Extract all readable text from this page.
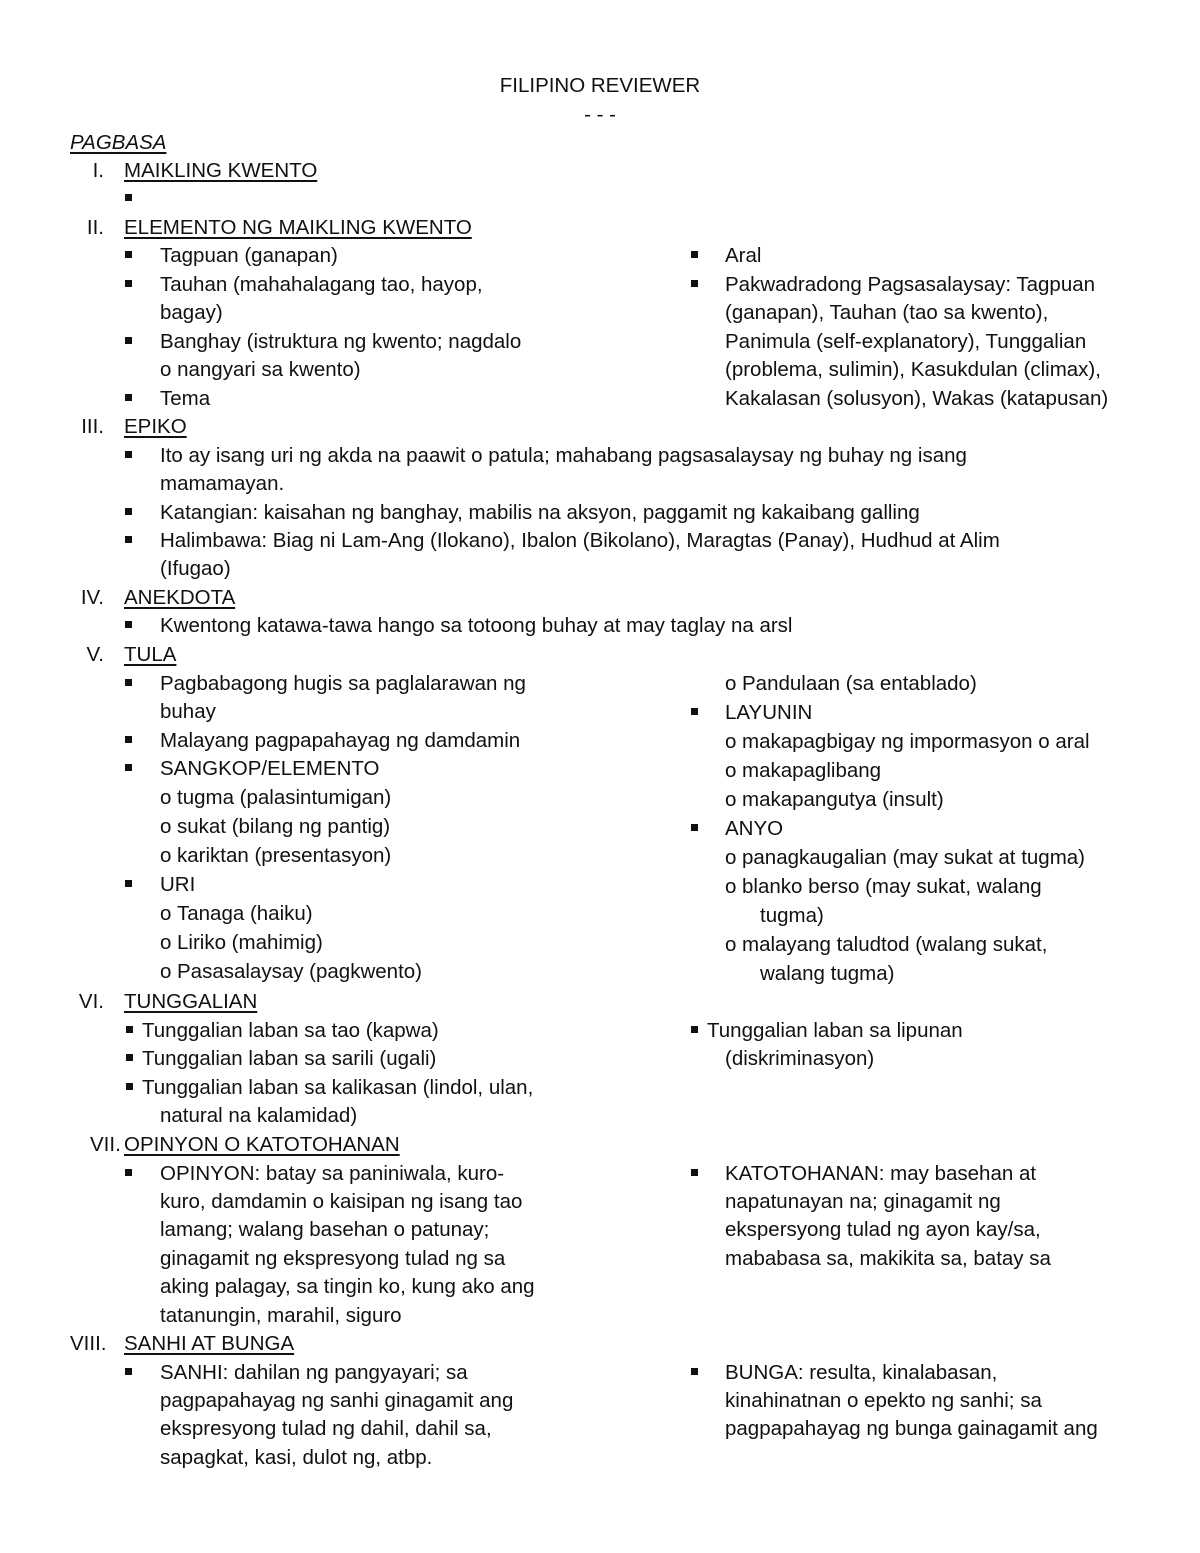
FILIPINO REVIEWER
- - -
PAGBASA
I. MAIKLING KWENTO
II. ELEMENTO NG MAIKLING KWENTO
Tagpuan (ganapan)
Tauhan (mahahalagang tao, hayop,
bagay)
Banghay (istruktura ng kwento; nagdalo
o nangyari sa kwento)
Tema
Aral
Pakwadradong Pagsasalaysay: Tagpuan
(ganapan), Tauhan (tao sa kwento),
Panimula (self-explanatory), Tunggalian
(problema, sulimin), Kasukdulan (climax),
Kakalasan (solusyon), Wakas (katapusan)
III. EPIKO
Ito ay isang uri ng akda na paawit o patula; mahabang pagsasalaysay ng buhay ng isang
mamamayan.
Katangian: kaisahan ng banghay, mabilis na aksyon, paggamit ng kakaibang galling
Halimbawa: Biag ni Lam-Ang (Ilokano), Ibalon (Bikolano), Maragtas (Panay), Hudhud at Alim
(Ifugao)
IV. ANEKDOTA
Kwentong katawa-tawa hango sa totoong buhay at may taglay na arsl
V. TULA
Pagbabagong hugis sa paglalarawan ng
buhay
Malayang pagpapahayag ng damdamin
SANGKOP/ELEMENTO
o tugma (palasintumigan)
o sukat (bilang ng pantig)
o kariktan (presentasyon)
URI
o Tanaga (haiku)
o Liriko (mahimig)
o Pasasalaysay (pagkwento)
o Pandulaan (sa entablado)
LAYUNIN
o makapagbigay ng impormasyon o aral
o makapaglibang
o makapangutya (insult)
ANYO
o panagkaugalian (may sukat at tugma)
o blanko berso (may sukat, walang
tugma)
o malayang taludtod (walang sukat,
walang tugma)
VI. TUNGGALIAN
Tunggalian laban sa tao (kapwa)
Tunggalian laban sa sarili (ugali)
Tunggalian laban sa kalikasan (lindol, ulan,
natural na kalamidad)
Tunggalian laban sa lipunan
(diskriminasyon)
VII. OPINYON O KATOTOHANAN
OPINYON: batay sa paniniwala, kuro-
kuro, damdamin o kaisipan ng isang tao
lamang; walang basehan o patunay;
ginagamit ng ekspresyong tulad ng sa
aking palagay, sa tingin ko, kung ako ang
tatanungin, marahil, siguro
KATOTOHANAN: may basehan at
napatunayan na; ginagamit ng
ekspersyong tulad ng ayon kay/sa,
mababasa sa, makikita sa, batay sa
VIII. SANHI AT BUNGA
SANHI: dahilan ng pangyayari; sa
pagpapahayag ng sanhi ginagamit ang
ekspresyong tulad ng dahil, dahil sa,
sapagkat, kasi, dulot ng, atbp.
BUNGA: resulta, kinalabasan,
kinahinatnan o epekto ng sanhi; sa
pagpapahayag ng bunga gainagamit ang
